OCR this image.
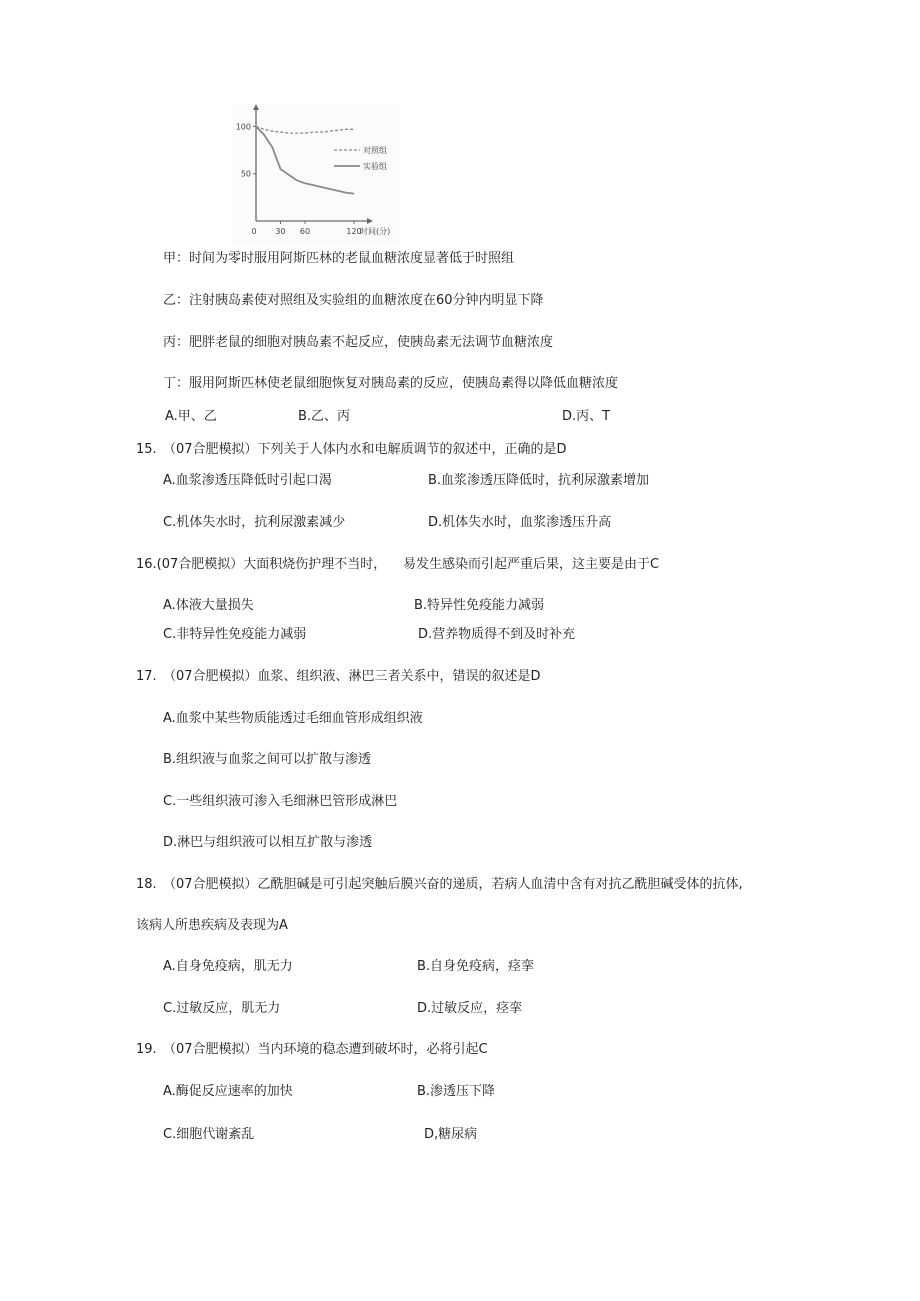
100
50
0 30 60	120
时间(分)
对照组
实验组
甲：时间为零时服用阿斯匹林的老鼠血糖浓度显著低于时照组
乙：注射胰岛素使对照组及实验组的血糖浓度在60分钟内明显下降
丙：肥胖老鼠的细胞对胰岛素不起反应，使胰岛素无法调节血糖浓度
丁：服用阿斯匹林使老鼠细胞恢复对胰岛素的反应，使胰岛素得以降低血糖浓度
A.甲、乙	B.乙、丙	D.丙、T
15. （07合肥模拟）下列关于人体内水和电解质调节的叙述中，正确的是D
A.血浆渗透压降低时引起口渴	B.血浆渗透压降低时，抗利尿激素增加
C.机体失水时，抗利尿激素减少	D.机体失水时，血浆渗透压升高
16.(07合肥模拟）大面积烧伤护理不当时， 易发生感染而引起严重后果，这主要是由于C
A.体液大量损失	B.特异性免疫能力减弱
C.非特异性免疫能力减弱	D.营养物质得不到及时补充
17. （07合肥模拟）血浆、组织液、淋巴三者关系中，错误的叙述是D
A.血浆中某些物质能透过毛细血管形成组织液
B.组织液与血浆之间可以扩散与渗透
C.一些组织液可渗入毛细淋巴管形成淋巴
D.淋巴与组织液可以相互扩散与渗透
18. （07合肥模拟）乙酰胆碱是可引起突触后膜兴奋的递质，若病人血清中含有对抗乙酰胆碱受体的抗体,
该病人所患疾病及表现为A
A.自身免疫病，肌无力	B.自身免疫病，痉挛
C.过敏反应，肌无力	D.过敏反应，痉挛
19. （07合肥模拟）当内环境的稳态遭到破坏时，必将引起C
A.酶促反应速率的加快	B.渗透压下降
C.细胞代谢紊乱	D,糖尿病
